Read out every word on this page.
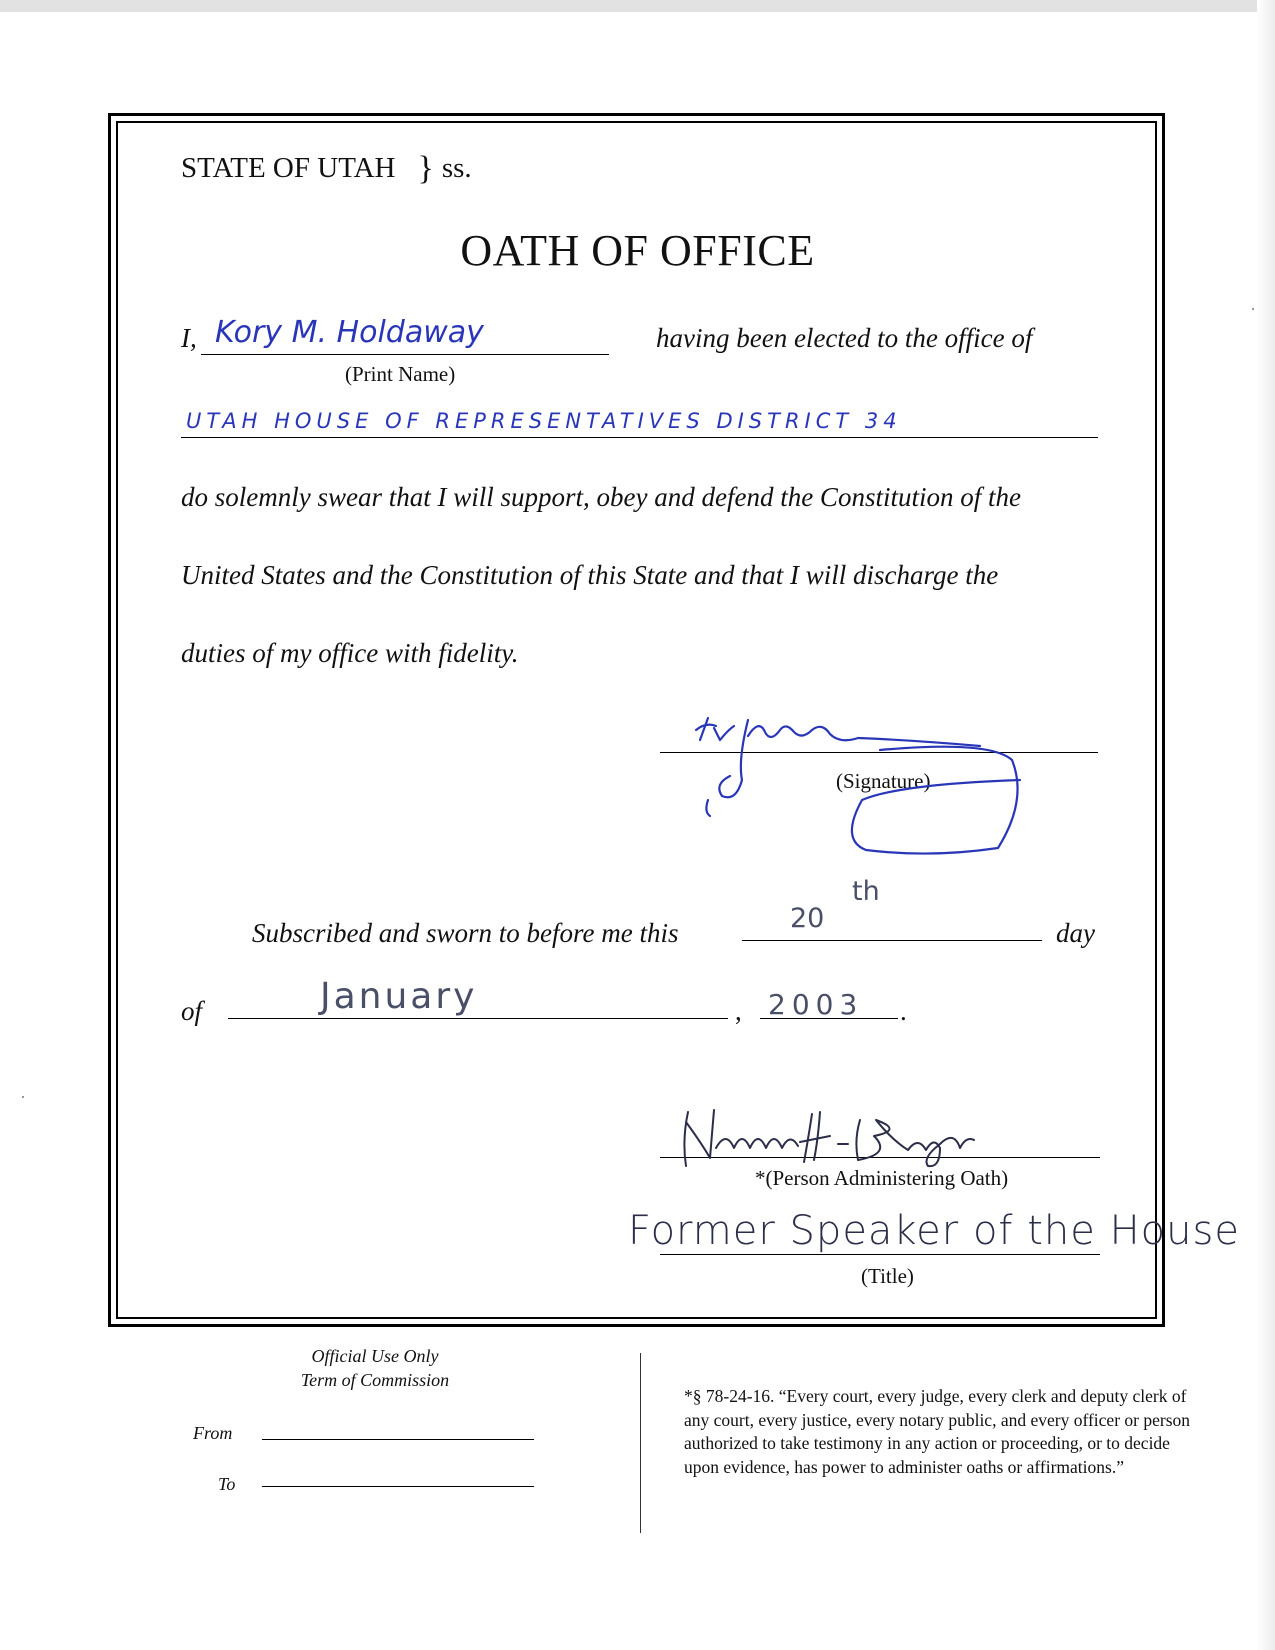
STATE OF UTAH } ss.
OATH OF OFFICE
I, Kory M. Holdaway
(Print Name)
having been elected to the office of
UTAH HOUSE OF REPRESENTATIVES DISTRICT 34
do solemnly swear that I will support, obey and defend the Constitution of the
United States and the Constitution of this State and that I will discharge the
duties of my office with fidelity.
(Signature)
Subscribed and sworn to before me this	20
th
day
of	January	, 2003 .
*(Person Administering Oath)
Former Speaker of the House
(Title)
Official Use Only
Term of Commission
From
To
*§ 78-24-16. “Every court, every judge, every clerk and deputy clerk of any court, every justice, every notary public, and every officer or person authorized to take testimony in any action or proceeding, or to decide upon evidence, has power to administer oaths or affirmations.”
